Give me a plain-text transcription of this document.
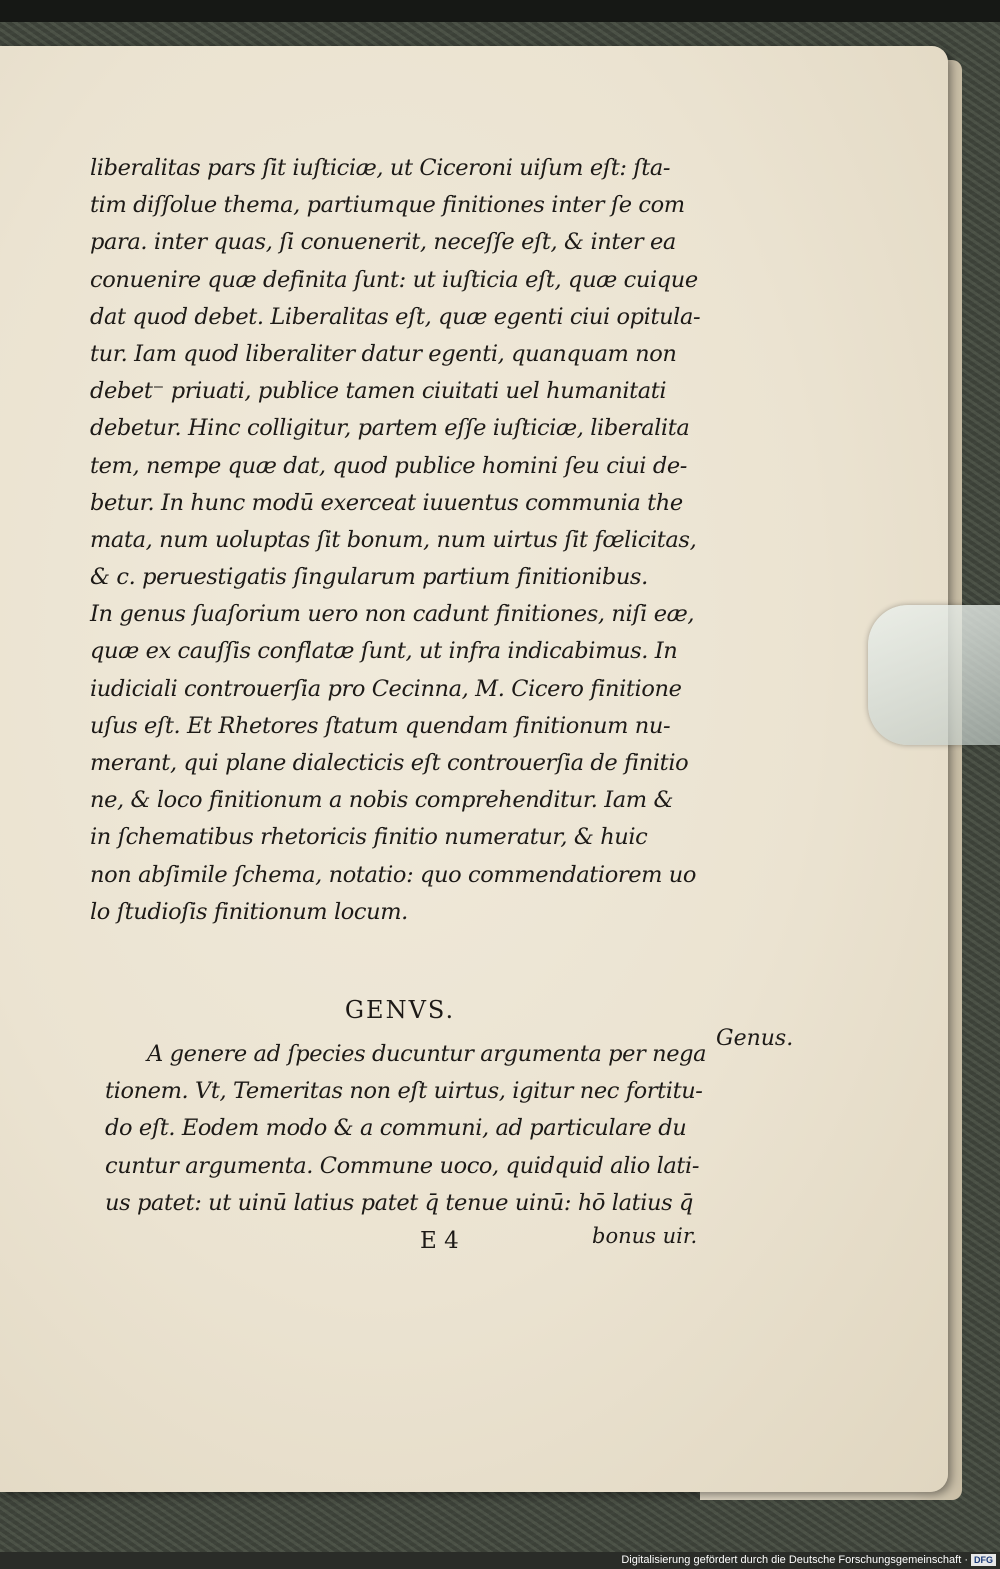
liberalitas pars ſit iuſticiæ, ut Ciceroni uiſum eſt: ſta-
tim diſſolue thema, partiumque finitiones inter ſe com
para. inter quas, ſi conuenerit, neceſſe eſt, & inter ea
conuenire quæ definita ſunt: ut iuſticia eſt, quæ cuique
dat quod debet. Liberalitas eſt, quæ egenti ciui opitula-
tur. Iam quod liberaliter datur egenti, quanquam non
debet⁻ priuati, publice tamen ciuitati uel humanitati
debetur. Hinc colligitur, partem eſſe iuſticiæ, liberalita
tem, nempe quæ dat, quod publice homini ſeu ciui de-
betur. In hunc modū exerceat iuuentus communia the
mata, num uoluptas ſit bonum, num uirtus ſit fœlicitas,
& c. peruestigatis ſingularum partium finitionibus.
In genus ſuaſorium uero non cadunt finitiones, niſi eæ,
quæ ex cauſſis conflatæ ſunt, ut infra indicabimus. In
iudiciali controuerſia pro Cecinna, M. Cicero finitione
uſus eſt. Et Rhetores ſtatum quendam finitionum nu-
merant, qui plane dialecticis eſt controuerſia de finitio
ne, & loco finitionum a nobis comprehenditur. Iam &
in ſchematibus rhetoricis finitio numeratur, & huic
non abſimile ſchema, notatio: quo commendatiorem uo
lo ſtudioſis finitionum locum.
GENVS.
A genere ad ſpecies ducuntur argumenta per nega
tionem. Vt, Temeritas non eſt uirtus, igitur nec fortitu-
do eſt. Eodem modo & a communi, ad particulare du
cuntur argumenta. Commune uoco, quidquid alio lati-
us patet: ut uinū latius patet q̄ tenue uinū: hō latius q̄
Genus.
E 4	bonus uir.
Digitalisierung gefördert durch die Deutsche Forschungsgemeinschaft · DFG
